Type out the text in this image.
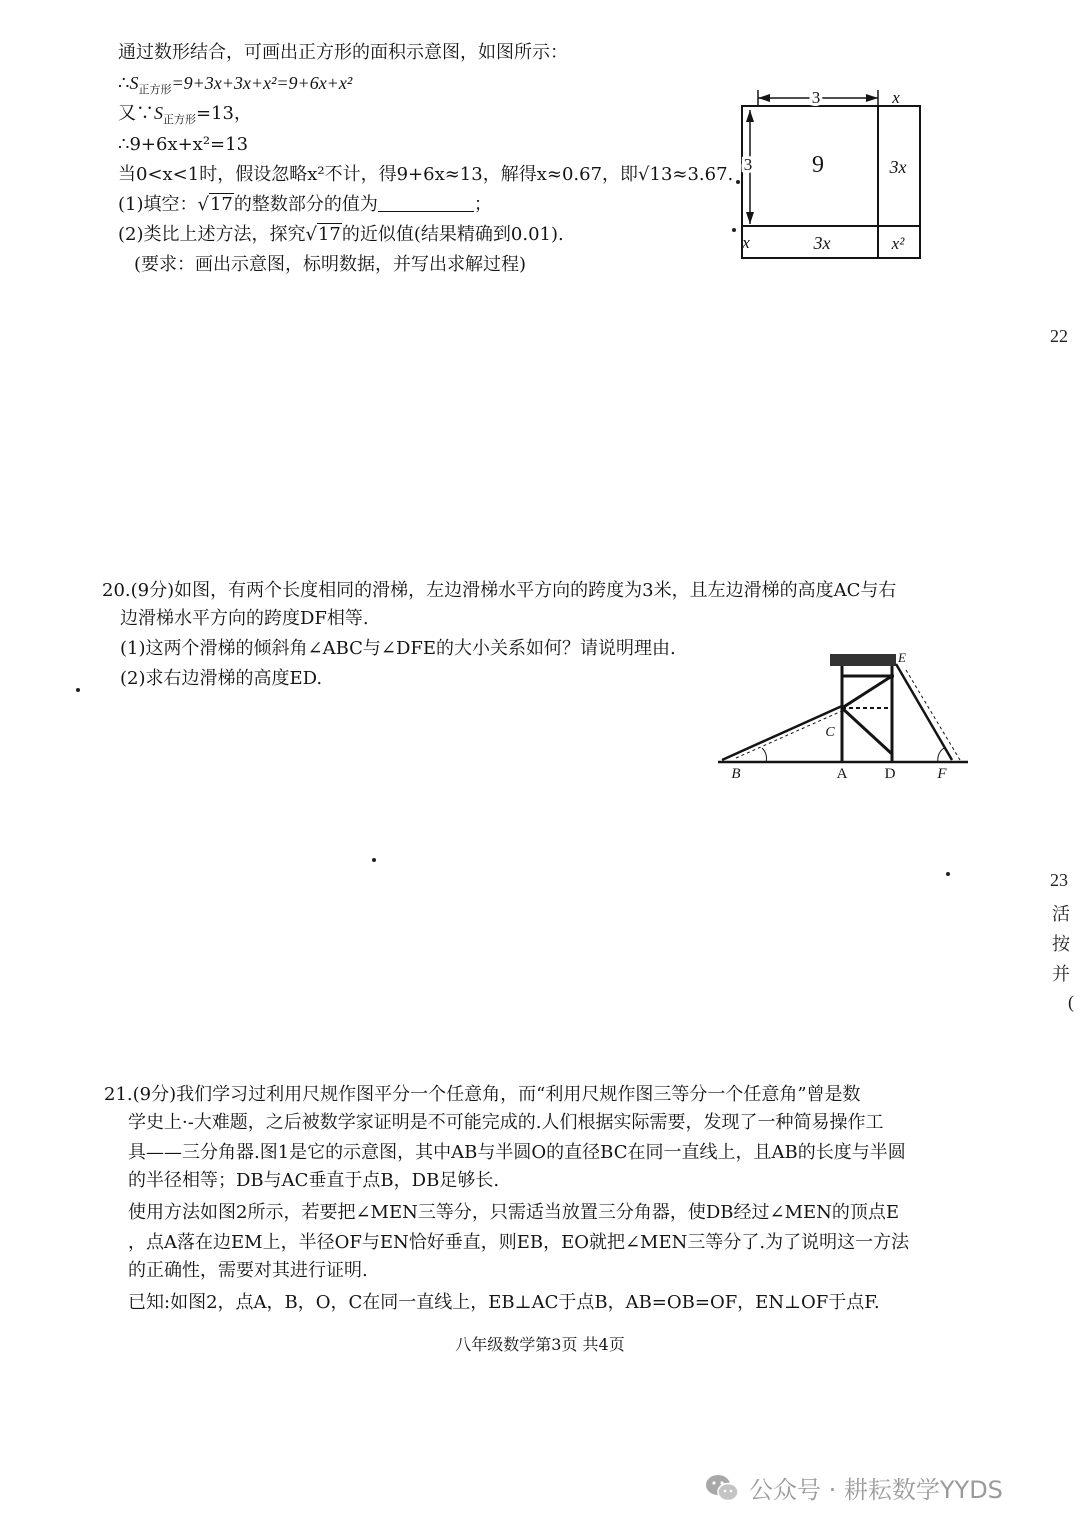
通过数形结合，可画出正方形的面积示意图，如图所示：
$\therefore S_{正方形}=9+3x+3x+x^2=9+6x+x^2$
又$\because S_{正方形}=13$，
∴9+6x+x²=13
当0<x<1时，假设忽略x²不计，得9+6x≈13，解得x≈0.67，即√13≈3.67.
(1)填空：√17的整数部分的值为	；
(2)类比上述方法，探究√17的近似值(结果精确到0.01).
(要求：画出示意图，标明数据，并写出求解过程)
3	x
3
x
9	3x
3x	x²
20.(9分)如图，有两个长度相同的滑梯，左边滑梯水平方向的跨度为3米，且左边滑梯的高度AC与右
边滑梯水平方向的跨度DF相等.
(1)这两个滑梯的倾斜角∠ABC与∠DFE的大小关系如何？请说明理由.
(2)求右边滑梯的高度ED.
B	A D	F
C
E
21.(9分)我们学习过利用尺规作图平分一个任意角，而“利用尺规作图三等分一个任意角”曾是数
学史上·-大难题，之后被数学家证明是不可能完成的.人们根据实际需要，发现了一种简易操作工
具——三分角器.图1是它的示意图，其中AB与半圆O的直径BC在同一直线上，且AB的长度与半圆
的半径相等；DB与AC垂直于点B，DB足够长.
使用方法如图2所示，若要把∠MEN三等分，只需适当放置三分角器，使DB经过∠MEN的顶点E
，点A落在边EM上，半径OF与EN恰好垂直，则EB，EO就把∠MEN三等分了.为了说明这一方法
的正确性，需要对其进行证明.
已知:如图2，点A，B，O，C在同一直线上，EB⊥AC于点B，AB=OB=OF，EN⊥OF于点F.
22
23
活
按
并
(
八年级数学第3页 共4页
公众号 · 耕耘数学YYDS
